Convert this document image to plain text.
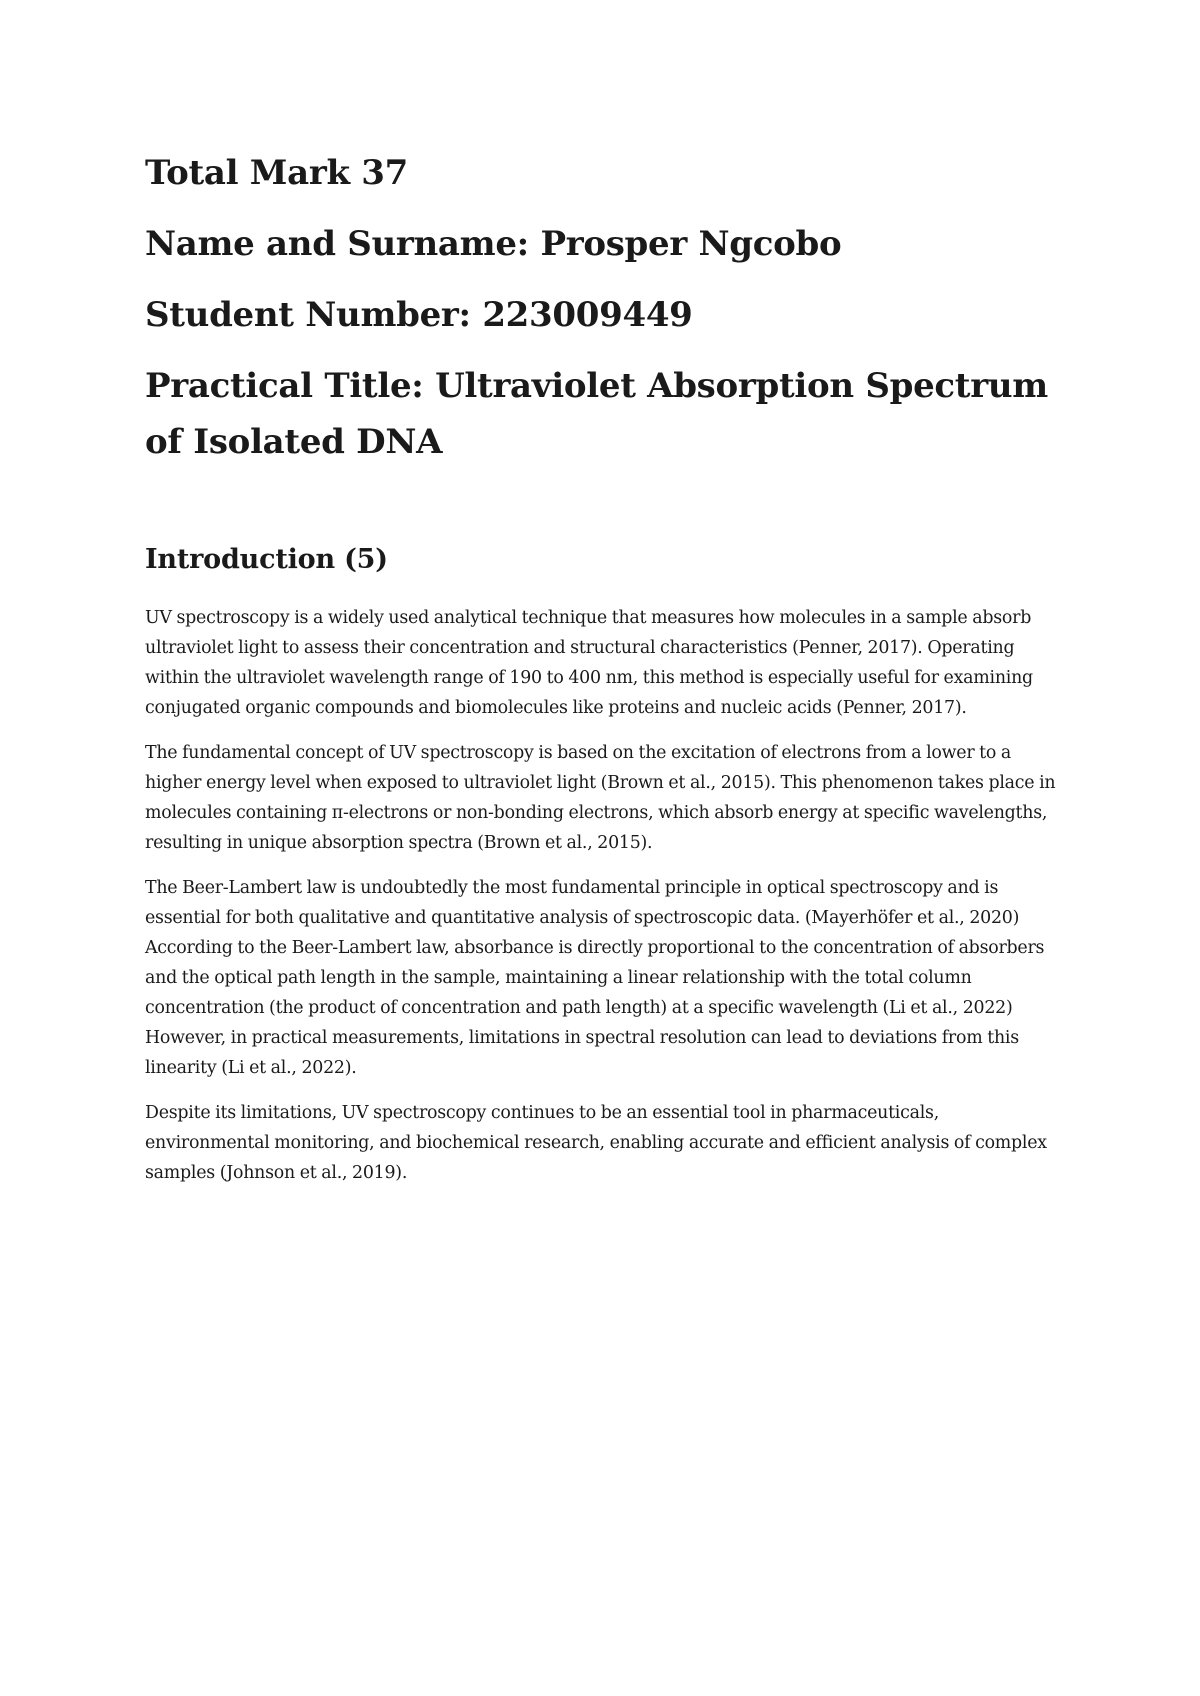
Total Mark 37
Name and Surname: Prosper Ngcobo
Student Number: 223009449
Practical Title: Ultraviolet Absorption Spectrum of Isolated DNA
Introduction (5)

UV spectroscopy is a widely used analytical technique that measures how molecules in a sample absorb ultraviolet light to assess their concentration and structural characteristics (Penner, 2017). Operating within the ultraviolet wavelength range of 190 to 400 nm, this method is especially useful for examining conjugated organic compounds and biomolecules like proteins and nucleic acids (Penner, 2017).

The fundamental concept of UV spectroscopy is based on the excitation of electrons from a lower to a higher energy level when exposed to ultraviolet light (Brown et al., 2015). This phenomenon takes place in molecules containing π-electrons or non-bonding electrons, which absorb energy at specific wavelengths, resulting in unique absorption spectra (Brown et al., 2015).

The Beer-Lambert law is undoubtedly the most fundamental principle in optical spectroscopy and is essential for both qualitative and quantitative analysis of spectroscopic data. (Mayerhöfer et al., 2020) According to the Beer-Lambert law, absorbance is directly proportional to the concentration of absorbers and the optical path length in the sample, maintaining a linear relationship with the total column concentration (the product of concentration and path length) at a specific wavelength (Li et al., 2022) However, in practical measurements, limitations in spectral resolution can lead to deviations from this linearity (Li et al., 2022).

Despite its limitations, UV spectroscopy continues to be an essential tool in pharmaceuticals, environmental monitoring, and biochemical research, enabling accurate and efficient analysis of complex samples (Johnson et al., 2019).
